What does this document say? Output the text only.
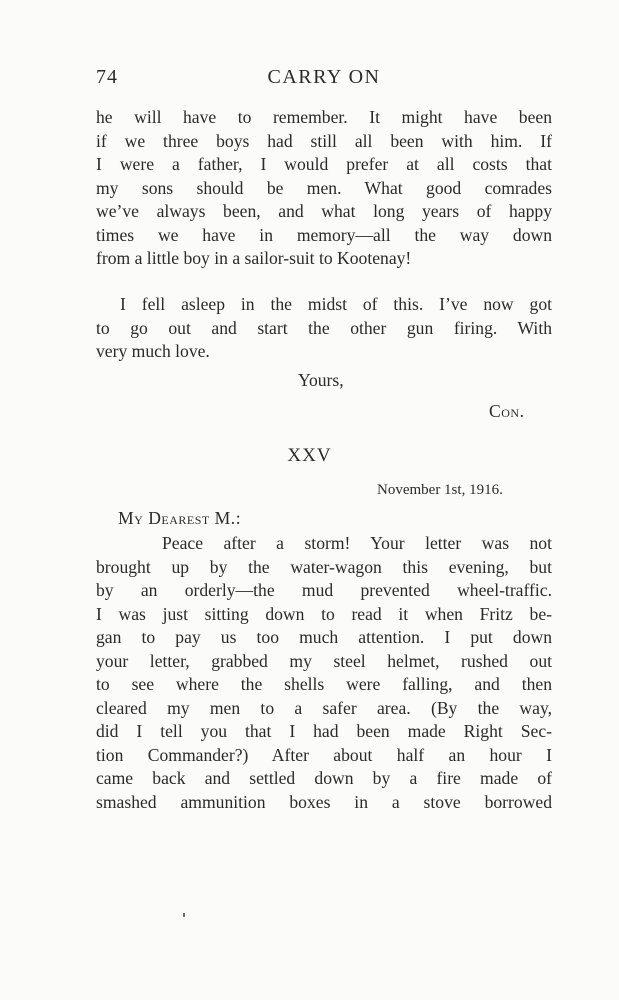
74	CARRY ON
he will have to remember. It might have been
if we three boys had still all been with him. If
I were a father, I would prefer at all costs that
my sons should be men. What good comrades
we’ve always been, and what long years of happy
times we have in memory—all the way down
from a little boy in a sailor-suit to Kootenay!
I fell asleep in the midst of this. I’ve now got
to go out and start the other gun firing. With
very much love.
Yours,
Con.
XXV
November 1st, 1916.
My Dearest M.:
Peace after a storm! Your letter was not
brought up by the water-wagon this evening, but
by an orderly—the mud prevented wheel-traffic.
I was just sitting down to read it when Fritz be-
gan to pay us too much attention. I put down
your letter, grabbed my steel helmet, rushed out
to see where the shells were falling, and then
cleared my men to a safer area. (By the way,
did I tell you that I had been made Right Sec-
tion Commander?) After about half an hour I
came back and settled down by a fire made of
smashed ammunition boxes in a stove borrowed
